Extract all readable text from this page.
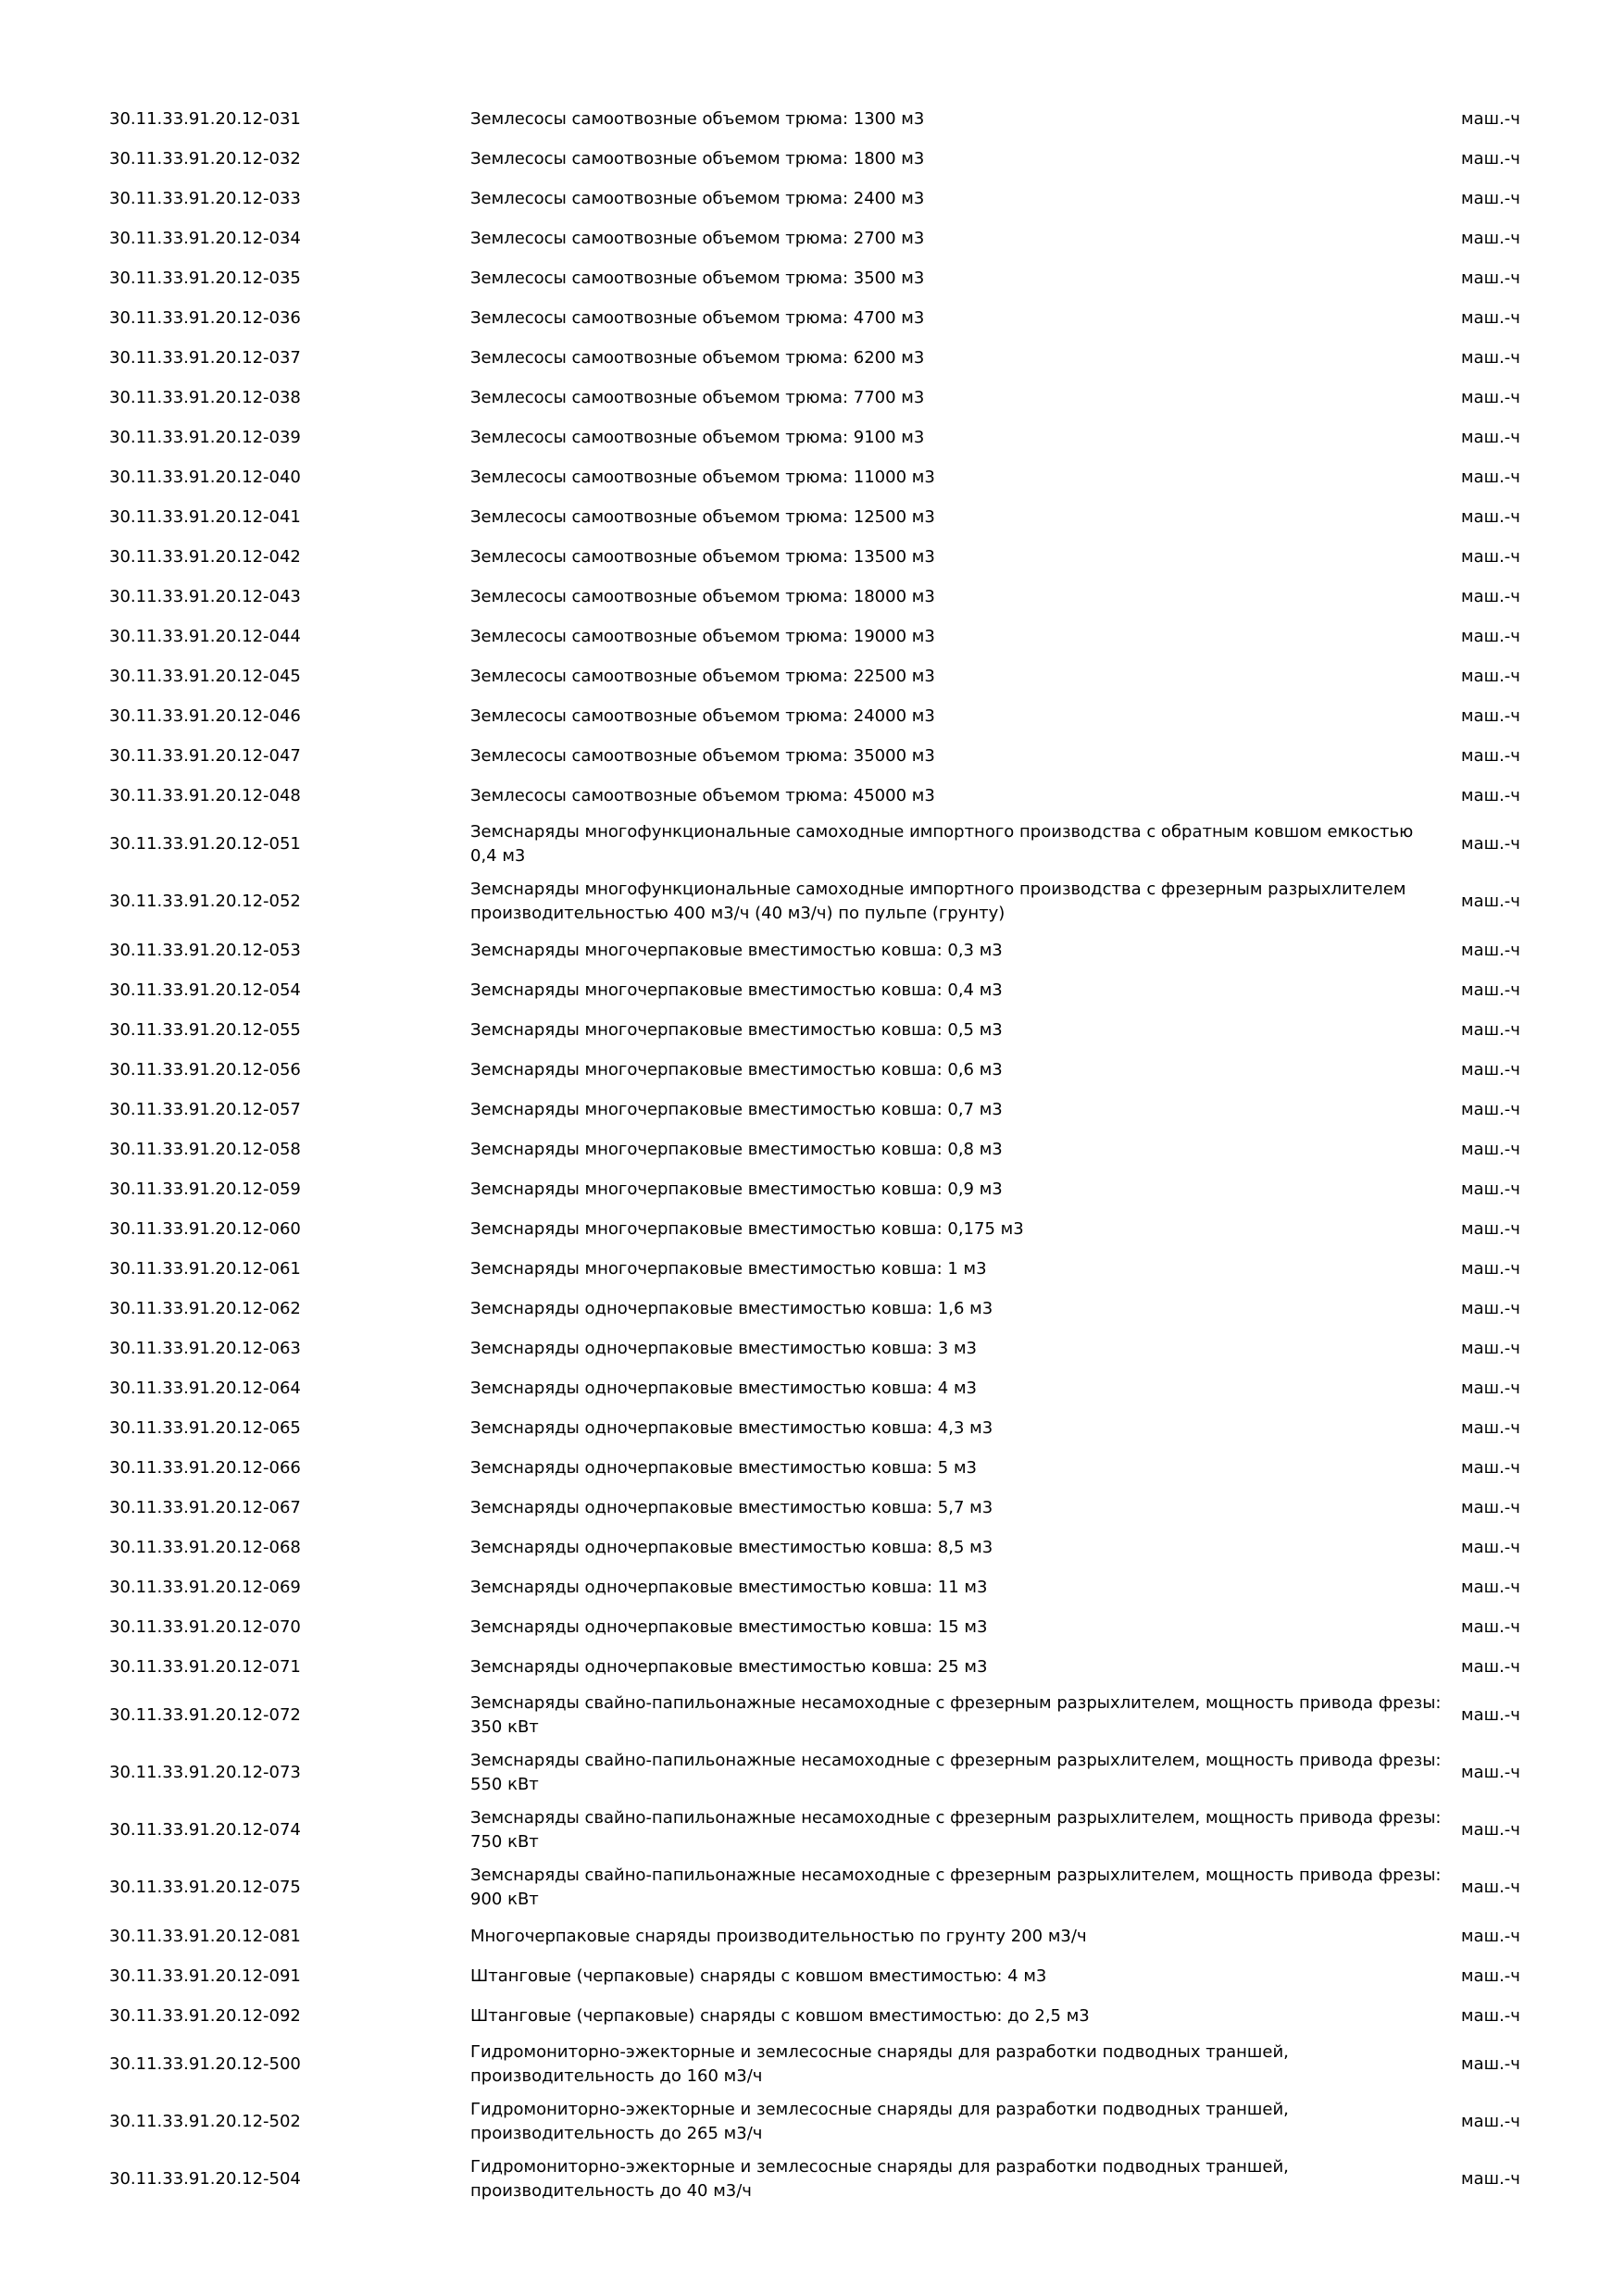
30.11.33.91.20.12-031	Землесосы самоотвозные объемом трюма: 1300 м3	маш.-ч
30.11.33.91.20.12-032	Землесосы самоотвозные объемом трюма: 1800 м3	маш.-ч
30.11.33.91.20.12-033	Землесосы самоотвозные объемом трюма: 2400 м3	маш.-ч
30.11.33.91.20.12-034	Землесосы самоотвозные объемом трюма: 2700 м3	маш.-ч
30.11.33.91.20.12-035	Землесосы самоотвозные объемом трюма: 3500 м3	маш.-ч
30.11.33.91.20.12-036	Землесосы самоотвозные объемом трюма: 4700 м3	маш.-ч
30.11.33.91.20.12-037	Землесосы самоотвозные объемом трюма: 6200 м3	маш.-ч
30.11.33.91.20.12-038	Землесосы самоотвозные объемом трюма: 7700 м3	маш.-ч
30.11.33.91.20.12-039	Землесосы самоотвозные объемом трюма: 9100 м3	маш.-ч
30.11.33.91.20.12-040	Землесосы самоотвозные объемом трюма: 11000 м3	маш.-ч
30.11.33.91.20.12-041	Землесосы самоотвозные объемом трюма: 12500 м3	маш.-ч
30.11.33.91.20.12-042	Землесосы самоотвозные объемом трюма: 13500 м3	маш.-ч
30.11.33.91.20.12-043	Землесосы самоотвозные объемом трюма: 18000 м3	маш.-ч
30.11.33.91.20.12-044	Землесосы самоотвозные объемом трюма: 19000 м3	маш.-ч
30.11.33.91.20.12-045	Землесосы самоотвозные объемом трюма: 22500 м3	маш.-ч
30.11.33.91.20.12-046	Землесосы самоотвозные объемом трюма: 24000 м3	маш.-ч
30.11.33.91.20.12-047	Землесосы самоотвозные объемом трюма: 35000 м3	маш.-ч
30.11.33.91.20.12-048	Землесосы самоотвозные объемом трюма: 45000 м3	маш.-ч
30.11.33.91.20.12-051	Земснаряды многофункциональные самоходные импортного производства с обратным ковшом емкостью 0,4 м3	маш.-ч
30.11.33.91.20.12-052	Земснаряды многофункциональные самоходные импортного производства с фрезерным разрыхлителем производительностью 400 м3/ч (40 м3/ч) по пульпе (грунту)	маш.-ч
30.11.33.91.20.12-053	Земснаряды многочерпаковые вместимостью ковша: 0,3 м3	маш.-ч
30.11.33.91.20.12-054	Земснаряды многочерпаковые вместимостью ковша: 0,4 м3	маш.-ч
30.11.33.91.20.12-055	Земснаряды многочерпаковые вместимостью ковша: 0,5 м3	маш.-ч
30.11.33.91.20.12-056	Земснаряды многочерпаковые вместимостью ковша: 0,6 м3	маш.-ч
30.11.33.91.20.12-057	Земснаряды многочерпаковые вместимостью ковша: 0,7 м3	маш.-ч
30.11.33.91.20.12-058	Земснаряды многочерпаковые вместимостью ковша: 0,8 м3	маш.-ч
30.11.33.91.20.12-059	Земснаряды многочерпаковые вместимостью ковша: 0,9 м3	маш.-ч
30.11.33.91.20.12-060	Земснаряды многочерпаковые вместимостью ковша: 0,175 м3	маш.-ч
30.11.33.91.20.12-061	Земснаряды многочерпаковые вместимостью ковша: 1 м3	маш.-ч
30.11.33.91.20.12-062	Земснаряды одночерпаковые вместимостью ковша: 1,6 м3	маш.-ч
30.11.33.91.20.12-063	Земснаряды одночерпаковые вместимостью ковша: 3 м3	маш.-ч
30.11.33.91.20.12-064	Земснаряды одночерпаковые вместимостью ковша: 4 м3	маш.-ч
30.11.33.91.20.12-065	Земснаряды одночерпаковые вместимостью ковша: 4,3 м3	маш.-ч
30.11.33.91.20.12-066	Земснаряды одночерпаковые вместимостью ковша: 5 м3	маш.-ч
30.11.33.91.20.12-067	Земснаряды одночерпаковые вместимостью ковша: 5,7 м3	маш.-ч
30.11.33.91.20.12-068	Земснаряды одночерпаковые вместимостью ковша: 8,5 м3	маш.-ч
30.11.33.91.20.12-069	Земснаряды одночерпаковые вместимостью ковша: 11 м3	маш.-ч
30.11.33.91.20.12-070	Земснаряды одночерпаковые вместимостью ковша: 15 м3	маш.-ч
30.11.33.91.20.12-071	Земснаряды одночерпаковые вместимостью ковша: 25 м3	маш.-ч
30.11.33.91.20.12-072	Земснаряды свайно-папильонажные несамоходные с фрезерным разрыхлителем, мощность привода фрезы: 350 кВт	маш.-ч
30.11.33.91.20.12-073	Земснаряды свайно-папильонажные несамоходные с фрезерным разрыхлителем, мощность привода фрезы: 550 кВт	маш.-ч
30.11.33.91.20.12-074	Земснаряды свайно-папильонажные несамоходные с фрезерным разрыхлителем, мощность привода фрезы: 750 кВт	маш.-ч
30.11.33.91.20.12-075	Земснаряды свайно-папильонажные несамоходные с фрезерным разрыхлителем, мощность привода фрезы: 900 кВт	маш.-ч
30.11.33.91.20.12-081	Многочерпаковые снаряды производительностью по грунту 200 м3/ч	маш.-ч
30.11.33.91.20.12-091	Штанговые (черпаковые) снаряды с ковшом вместимостью: 4 м3	маш.-ч
30.11.33.91.20.12-092	Штанговые (черпаковые) снаряды с ковшом вместимостью: до 2,5 м3	маш.-ч
30.11.33.91.20.12-500	Гидромониторно-эжекторные и землесосные снаряды для разработки подводных траншей, производительность до 160 м3/ч	маш.-ч
30.11.33.91.20.12-502	Гидромониторно-эжекторные и землесосные снаряды для разработки подводных траншей, производительность до 265 м3/ч	маш.-ч
30.11.33.91.20.12-504	Гидромониторно-эжекторные и землесосные снаряды для разработки подводных траншей, производительность до 40 м3/ч	маш.-ч
